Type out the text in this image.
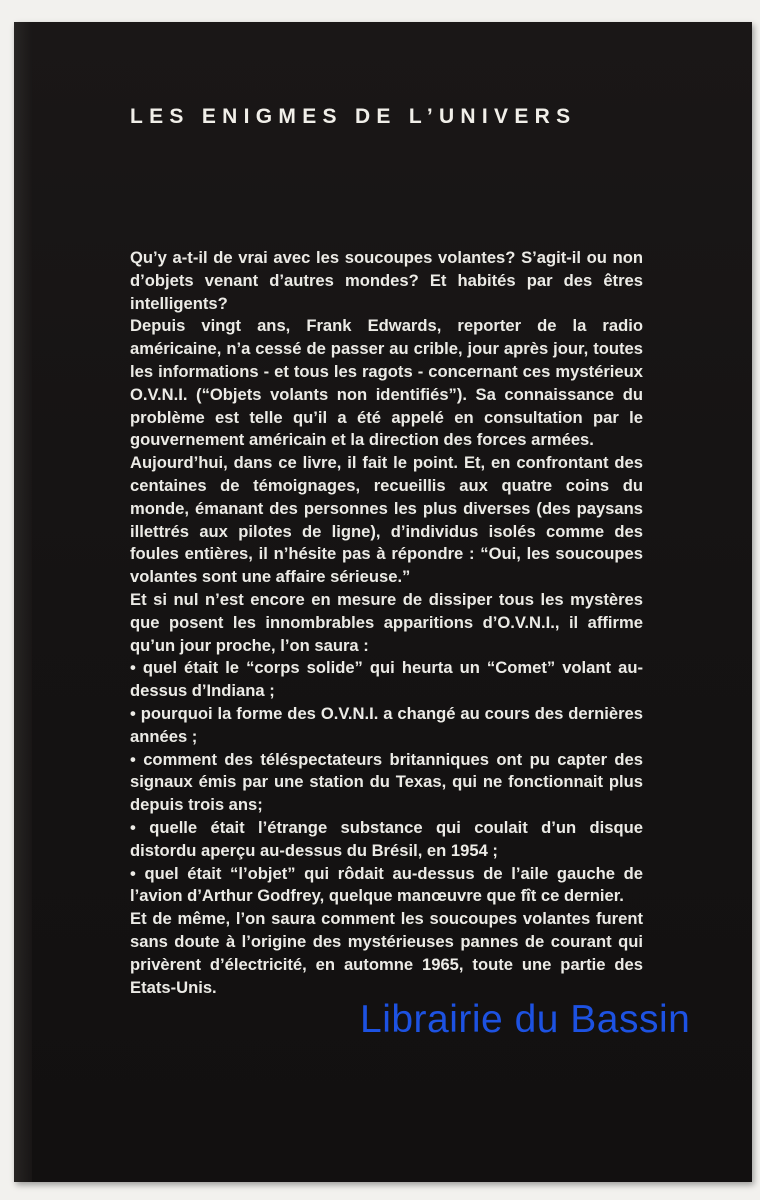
LES ENIGMES DE L’UNIVERS

Qu’y a-t-il de vrai avec les soucoupes volantes? S’agit-il ou non d’objets venant d’autres mondes? Et habités par des êtres intelligents?

Depuis vingt ans, Frank Edwards, reporter de la radio américaine, n’a cessé de passer au crible, jour après jour, toutes les informations - et tous les ragots - concernant ces mystérieux O.V.N.I. (“Objets volants non identifiés”). Sa connaissance du problème est telle qu’il a été appelé en consultation par le gouvernement américain et la direction des forces armées.

Aujourd’hui, dans ce livre, il fait le point. Et, en confrontant des centaines de témoignages, recueillis aux quatre coins du monde, émanant des personnes les plus diverses (des paysans illettrés aux pilotes de ligne), d’individus isolés comme des foules entières, il n’hésite pas à répondre : “Oui, les soucoupes volantes sont une affaire sérieuse.”

Et si nul n’est encore en mesure de dissiper tous les mystères que posent les innombrables apparitions d’O.V.N.I., il affirme qu’un jour proche, l’on saura :

• quel était le “corps solide” qui heurta un “Comet” volant au-dessus d’Indiana ;

• pourquoi la forme des O.V.N.I. a changé au cours des dernières années ;

• comment des téléspectateurs britanniques ont pu capter des signaux émis par une station du Texas, qui ne fonctionnait plus depuis trois ans;

• quelle était l’étrange substance qui coulait d’un disque distordu aperçu au-dessus du Brésil, en 1954 ;

• quel était “l’objet” qui rôdait au-dessus de l’aile gauche de l’avion d’Arthur Godfrey, quelque manœuvre que fît ce dernier.

Et de même, l’on saura comment les soucoupes volantes furent sans doute à l’origine des mystérieuses pannes de courant qui privèrent d’électricité, en automne 1965, toute une partie des Etats-Unis.

Librairie du Bassin
